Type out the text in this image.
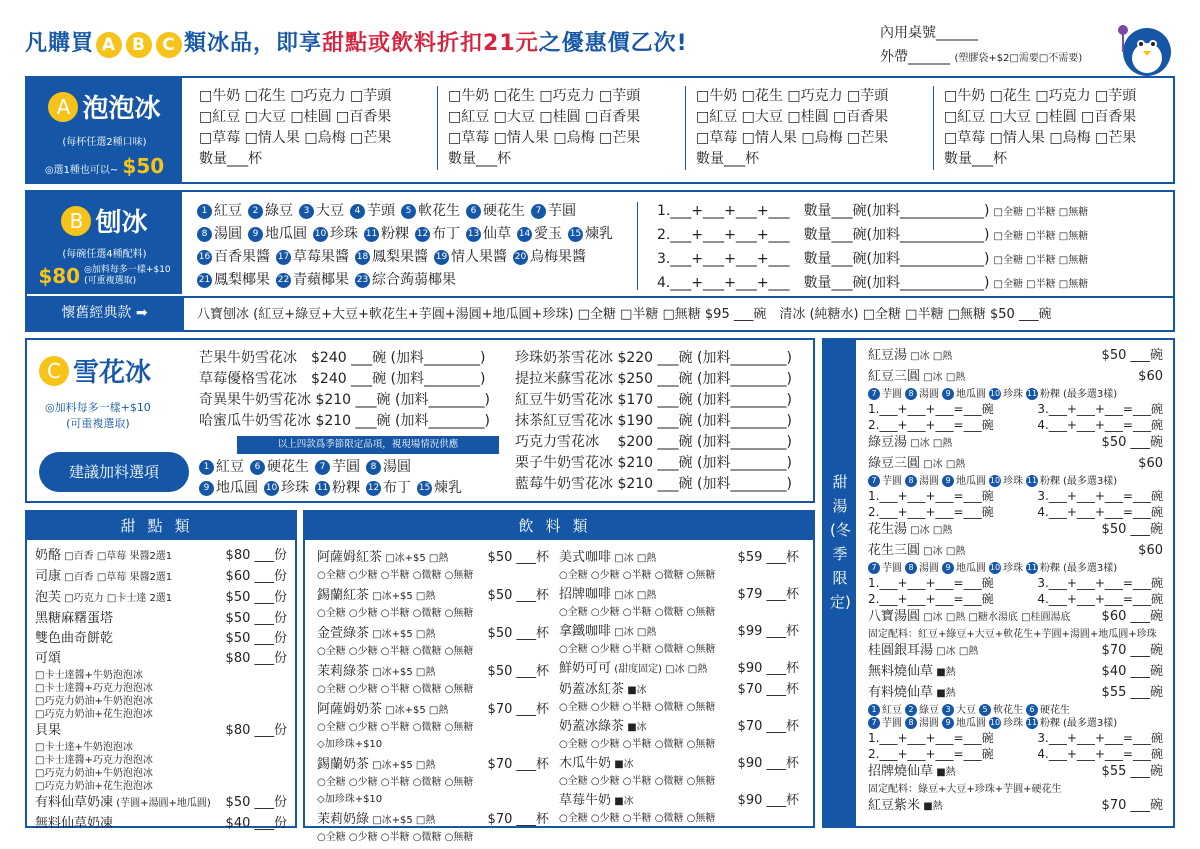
凡購買 A B C 類冰品，即享甜點或飲料折扣21元之優惠價乙次!	內用桌號______
外帶______ (塑膠袋+$2□需要□不需要)
A 泡泡冰
(每杯任選2種口味)
◎選1種也可以~ $50
□牛奶 □花生 □巧克力 □芋頭
□紅豆 □大豆 □桂圓 □百香果
□草莓 □情人果 □烏梅 □芒果
數量___杯
□牛奶 □花生 □巧克力 □芋頭
□紅豆 □大豆 □桂圓 □百香果
□草莓 □情人果 □烏梅 □芒果
數量___杯
□牛奶 □花生 □巧克力 □芋頭
□紅豆 □大豆 □桂圓 □百香果
□草莓 □情人果 □烏梅 □芒果
數量___杯
□牛奶 □花生 □巧克力 □芋頭
□紅豆 □大豆 □桂圓 □百香果
□草莓 □情人果 □烏梅 □芒果
數量___杯
B 刨冰
(每碗任選4種配料)
$80 ◎加料每多一樣+$10
(可重複選取)
1 紅豆 2 綠豆 3 大豆 4 芋頭 5 軟花生 6 硬花生 7 芋圓
8 湯圓 9 地瓜圓 10 珍珠 11 粉粿 12 布丁 13 仙草 14 愛玉 15 煉乳
16 百香果醬 17 草莓果醬 18 鳳梨果醬 19 情人果醬 20 烏梅果醬
21 鳳梨椰果 22 青蘋椰果 23 綜合蒟蒻椰果
1.___+___+___+___ 數量___碗(加料____________) □全糖 □半糖 □無糖
2.___+___+___+___ 數量___碗(加料____________) □全糖 □半糖 □無糖
3.___+___+___+___ 數量___碗(加料____________) □全糖 □半糖 □無糖
4.___+___+___+___ 數量___碗(加料____________) □全糖 □半糖 □無糖
懷舊經典款 ➡	八寶刨冰 (紅豆+綠豆+大豆+軟花生+芋圓+湯圓+地瓜圓+珍珠) □全糖 □半糖 □無糖 $95 ___碗　清冰 (純糖水) □全糖 □半糖 □無糖 $50 ___碗
C 雪花冰
◎加料每多一樣+$10
(可重複選取)
建議加料選項
芒果牛奶雪花冰　$240 ___碗 (加料________)
草莓優格雪花冰　$240 ___碗 (加料________)
奇異果牛奶雪花冰 $210 ___碗 (加料________)
哈蜜瓜牛奶雪花冰 $210 ___碗 (加料________)
以上四款爲季節限定品項，視現場情況供應
1 紅豆 6 硬花生 7 芋圓 8 湯圓
9 地瓜圓 10 珍珠 11 粉粿 12 布丁 15 煉乳
珍珠奶茶雪花冰 $220 ___碗 (加料________)
提拉米蘇雪花冰 $250 ___碗 (加料________)
紅豆牛奶雪花冰 $170 ___碗 (加料________)
抹茶紅豆雪花冰 $190 ___碗 (加料________)
巧克力雪花冰　 $200 ___碗 (加料________)
栗子牛奶雪花冰 $210 ___碗 (加料________)
藍莓牛奶雪花冰 $210 ___碗 (加料________)
甜點類
奶酪 □百香 □草莓 果醬2選1	$80 ___份
司康 □百香 □草莓 果醬2選1	$60 ___份
泡芙 □巧克力 □卡士達 2選1	$50 ___份
黑糖麻糬蛋塔	$50 ___份
雙色曲奇餅乾	$50 ___份
可頌	$80 ___份
□卡士達醬+牛奶泡泡冰
□卡士達醬+巧克力泡泡冰
□巧克力奶油+牛奶泡泡冰
□巧克力奶油+花生泡泡冰
貝果	$80 ___份
□卡士達+牛奶泡泡冰
□卡士達醬+巧克力泡泡冰
□巧克力奶油+牛奶泡泡冰
□巧克力奶油+花生泡泡冰
有料仙草奶凍 (芋圓+湯圓+地瓜圓) $50 ___份
無料仙草奶凍	$40 ___份
飲料類
阿薩姆紅茶 □冰+$5 □熱	$50 ___杯
○全糖 ○少糖 ○半糖 ○微糖 ○無糖
錫蘭紅茶 □冰+$5 □熱	$50 ___杯
○全糖 ○少糖 ○半糖 ○微糖 ○無糖
金萱綠茶 □冰+$5 □熱	$50 ___杯
○全糖 ○少糖 ○半糖 ○微糖 ○無糖
茉莉綠茶 □冰+$5 □熱	$50 ___杯
○全糖 ○少糖 ○半糖 ○微糖 ○無糖
阿薩姆奶茶 □冰+$5 □熱	$70 ___杯
○全糖 ○少糖 ○半糖 ○微糖 ○無糖
◇加珍珠+$10
錫蘭奶茶 □冰+$5 □熱	$70 ___杯
○全糖 ○少糖 ○半糖 ○微糖 ○無糖
◇加珍珠+$10
茉莉奶綠 □冰+$5 □熱	$70 ___杯
○全糖 ○少糖 ○半糖 ○微糖 ○無糖
美式咖啡 □冰 □熱	$59 ___杯
○全糖 ○少糖 ○半糖 ○微糖 ○無糖
招牌咖啡 □冰 □熱	$79 ___杯
○全糖 ○少糖 ○半糖 ○微糖 ○無糖
拿鐵咖啡 □冰 □熱	$99 ___杯
○全糖 ○少糖 ○半糖 ○微糖 ○無糖
鮮奶可可 (甜度固定) □冰 □熱 $90 ___杯
奶蓋冰紅茶 ■冰	$70 ___杯
○全糖 ○少糖 ○半糖 ○微糖 ○無糖
奶蓋冰綠茶 ■冰	$70 ___杯
○全糖 ○少糖 ○半糖 ○微糖 ○無糖
木瓜牛奶 ■冰	$90 ___杯
○全糖 ○少糖 ○半糖 ○微糖 ○無糖
草莓牛奶 ■冰	$90 ___杯
○全糖 ○少糖 ○半糖 ○微糖 ○無糖
甜湯(冬季限定)
紅豆湯 □冰 □熱	$50 ___碗
紅豆三圓 □冰 □熱	$60
7 芋圓 8 湯圓 9 地瓜圓 10 珍珠 11 粉粿 (最多選3樣)
1.___+___+___=___碗	3.___+___+___=___碗
2.___+___+___=___碗	4.___+___+___=___碗
綠豆湯 □冰 □熱	$50 ___碗
綠豆三圓 □冰 □熱	$60
7 芋圓 8 湯圓 9 地瓜圓 10 珍珠 11 粉粿 (最多選3樣)
1.___+___+___=___碗	3.___+___+___=___碗
2.___+___+___=___碗	4.___+___+___=___碗
花生湯 □冰 □熱	$50 ___碗
花生三圓 □冰 □熱	$60
7 芋圓 8 湯圓 9 地瓜圓 10 珍珠 11 粉粿 (最多選3樣)
1.___+___+___=___碗	3.___+___+___=___碗
2.___+___+___=___碗	4.___+___+___=___碗
八寶湯圓 □冰 □熱 □糖水湯底 □桂圓湯底 $60 ___碗
固定配料：紅豆+綠豆+大豆+軟花生+芋圓+湯圓+地瓜圓+珍珠
桂圓銀耳湯 □冰 □熱	$70 ___碗
無料燒仙草 ■熱	$40 ___碗
有料燒仙草 ■熱	$55 ___碗
1 紅豆 2 綠豆 3 大豆 5 軟花生 6 硬花生
7 芋圓 8 湯圓 9 地瓜圓 10 珍珠 11 粉粿 (最多選3樣)
1.___+___+___=___碗	3.___+___+___=___碗
2.___+___+___=___碗	4.___+___+___=___碗
招牌燒仙草 ■熱	$55 ___碗
固定配料：綠豆+大豆+珍珠+芋圓+硬花生
紅豆紫米 ■熱	$70 ___碗
